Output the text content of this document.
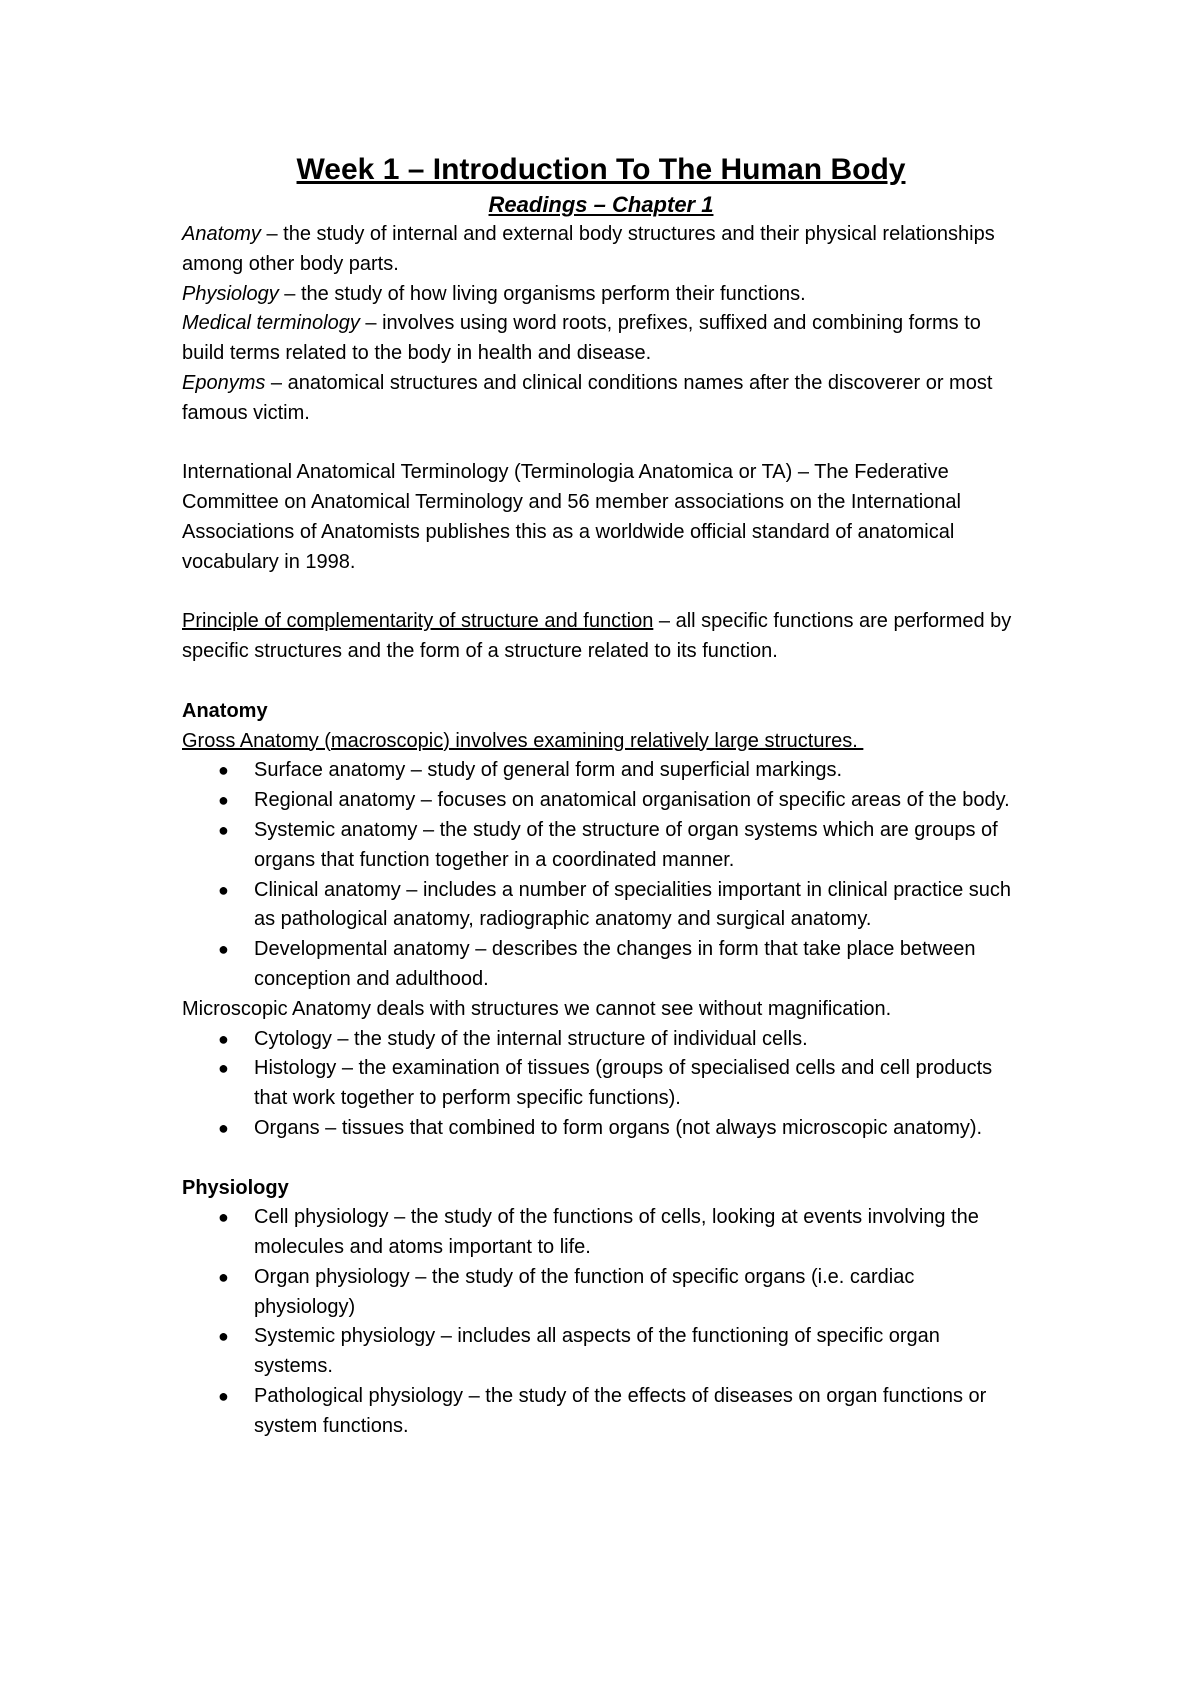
Week 1 – Introduction To The Human Body
Readings – Chapter 1

Anatomy – the study of internal and external body structures and their physical relationships among other body parts.

Physiology – the study of how living organisms perform their functions.

Medical terminology – involves using word roots, prefixes, suffixed and combining forms to build terms related to the body in health and disease.

Eponyms – anatomical structures and clinical conditions names after the discoverer or most famous victim.

International Anatomical Terminology (Terminologia Anatomica or TA) – The Federative Committee on Anatomical Terminology and 56 member associations on the International Associations of Anatomists publishes this as a worldwide official standard of anatomical vocabulary in 1998.

Principle of complementarity of structure and function – all specific functions are performed by specific structures and the form of a structure related to its function.

Anatomy

Gross Anatomy (macroscopic) involves examining relatively large structures.

● Surface anatomy – study of general form and superficial markings.
● Regional anatomy – focuses on anatomical organisation of specific areas of the body.
● Systemic anatomy – the study of the structure of organ systems which are groups of organs that function together in a coordinated manner.
● Clinical anatomy – includes a number of specialities important in clinical practice such as pathological anatomy, radiographic anatomy and surgical anatomy.
● Developmental anatomy – describes the changes in form that take place between conception and adulthood.

Microscopic Anatomy deals with structures we cannot see without magnification.

● Cytology – the study of the internal structure of individual cells.
● Histology – the examination of tissues (groups of specialised cells and cell products that work together to perform specific functions).
● Organs – tissues that combined to form organs (not always microscopic anatomy).

Physiology

● Cell physiology – the study of the functions of cells, looking at events involving the molecules and atoms important to life.
● Organ physiology – the study of the function of specific organs (i.e. cardiac physiology)
● Systemic physiology – includes all aspects of the functioning of specific organ systems.
● Pathological physiology – the study of the effects of diseases on organ functions or system functions.
